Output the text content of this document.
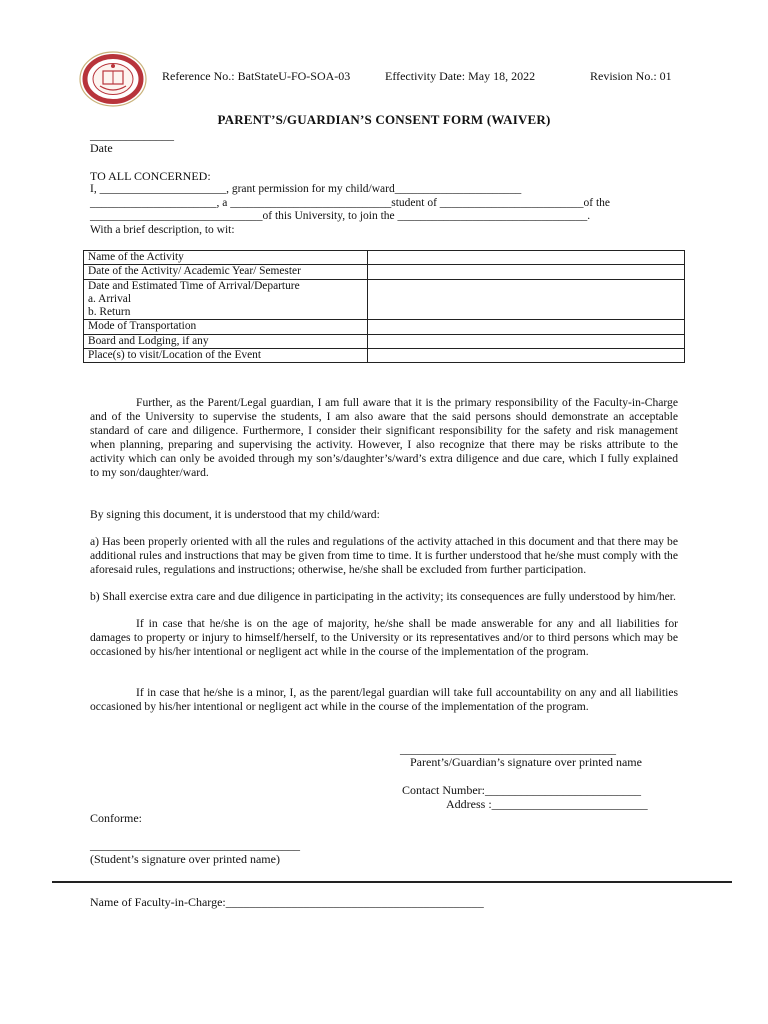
Reference No.: BatStateU-FO-SOA-03	Effectivity Date: May 18, 2022	Revision No.: 01
PARENT’S/GUARDIAN’S CONSENT FORM (WAIVER)
______________
Date
TO ALL CONCERNED:
I, ______________________, grant permission for my child/ward______________________
______________________, a ____________________________student of _________________________of the
______________________________of this University, to join the _________________________________.
With a brief description, to wit:
Name of the Activity	
Date of the Activity/ Academic Year/ Semester	
Date and Estimated Time of Arrival/Departure
a. Arrival
b. Return	
Mode of Transportation	
Board and Lodging, if any	
Place(s) to visit/Location of the Event	
Further, as the Parent/Legal guardian, I am full aware that it is the primary responsibility of the Faculty-in-Charge and of the University to supervise the students, I am also aware that the said persons should demonstrate an acceptable standard of care and diligence. Furthermore, I consider their significant responsibility for the safety and risk management when planning, preparing and supervising the activity. However, I also recognize that there may be risks attribute to the activity which can only be avoided through my son’s/daughter’s/ward’s extra diligence and due care, which I fully explained to my son/daughter/ward.
By signing this document, it is understood that my child/ward:
a) Has been properly oriented with all the rules and regulations of the activity attached in this document and that there may be additional rules and instructions that may be given from time to time. It is further understood that he/she must comply with the aforesaid rules, regulations and instructions; otherwise, he/she shall be excluded from further participation.
b) Shall exercise extra care and due diligence in participating in the activity; its consequences are fully understood by him/her.
If in case that he/she is on the age of majority, he/she shall be made answerable for any and all liabilities for damages to property or injury to himself/herself, to the University or its representatives and/or to third persons which may be occasioned by his/her intentional or negligent act while in the course of the implementation of the program.
If in case that he/she is a minor, I, as the parent/legal guardian will take full accountability on any and all liabilities occasioned by his/her intentional or negligent act while in the course of the implementation of the program.
____________________________________
Parent’s/Guardian’s signature over printed name
Contact Number:__________________________
Address :__________________________
Conforme:
___________________________________
(Student’s signature over printed name)
Name of Faculty-in-Charge:___________________________________________
